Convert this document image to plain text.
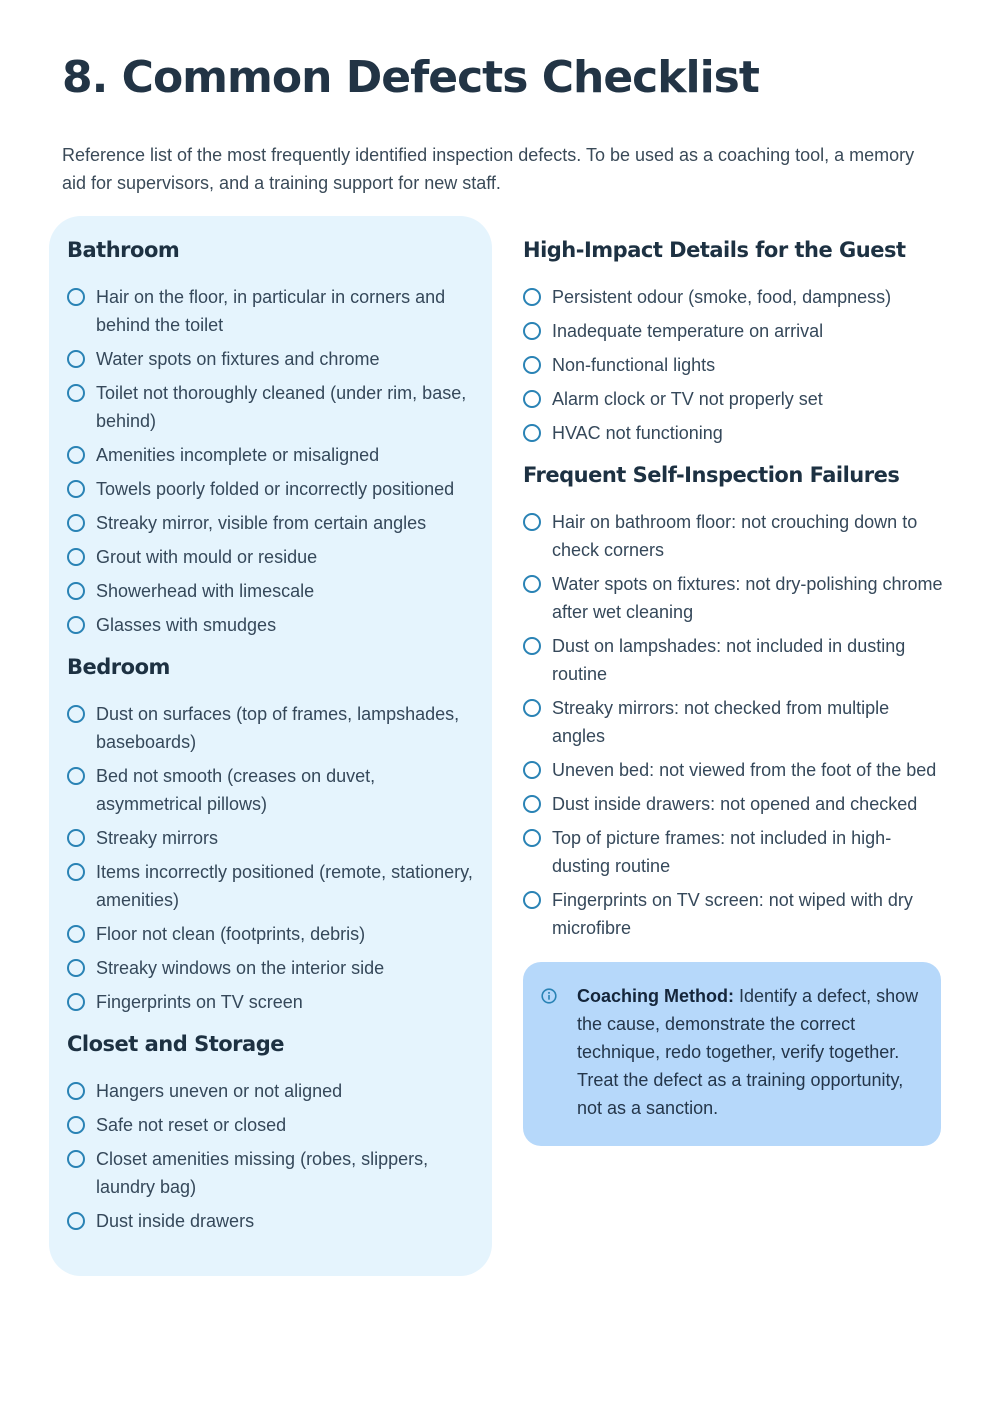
8. Common Defects Checklist

Reference list of the most frequently identified inspection defects. To be used as a coaching tool, a memory aid for supervisors, and a training support for new staff.

Bathroom
Hair on the floor, in particular in corners and behind the toilet
Water spots on fixtures and chrome
Toilet not thoroughly cleaned (under rim, base, behind)
Amenities incomplete or misaligned
Towels poorly folded or incorrectly positioned
Streaky mirror, visible from certain angles
Grout with mould or residue
Showerhead with limescale
Glasses with smudges
Bedroom
Dust on surfaces (top of frames, lampshades, baseboards)
Bed not smooth (creases on duvet, asymmetrical pillows)
Streaky mirrors
Items incorrectly positioned (remote, stationery, amenities)
Floor not clean (footprints, debris)
Streaky windows on the interior side
Fingerprints on TV screen
Closet and Storage
Hangers uneven or not aligned
Safe not reset or closed
Closet amenities missing (robes, slippers, laundry bag)
Dust inside drawers
High-Impact Details for the Guest
Persistent odour (smoke, food, dampness)
Inadequate temperature on arrival
Non-functional lights
Alarm clock or TV not properly set
HVAC not functioning
Frequent Self-Inspection Failures
Hair on bathroom floor: not crouching down to check corners
Water spots on fixtures: not dry-polishing chrome after wet cleaning
Dust on lampshades: not included in dusting routine
Streaky mirrors: not checked from multiple angles
Uneven bed: not viewed from the foot of the bed
Dust inside drawers: not opened and checked
Top of picture frames: not included in high-dusting routine
Fingerprints on TV screen: not wiped with dry microfibre
Coaching Method: Identify a defect, show the cause, demonstrate the correct technique, redo together, verify together. Treat the defect as a training opportunity, not as a sanction.
